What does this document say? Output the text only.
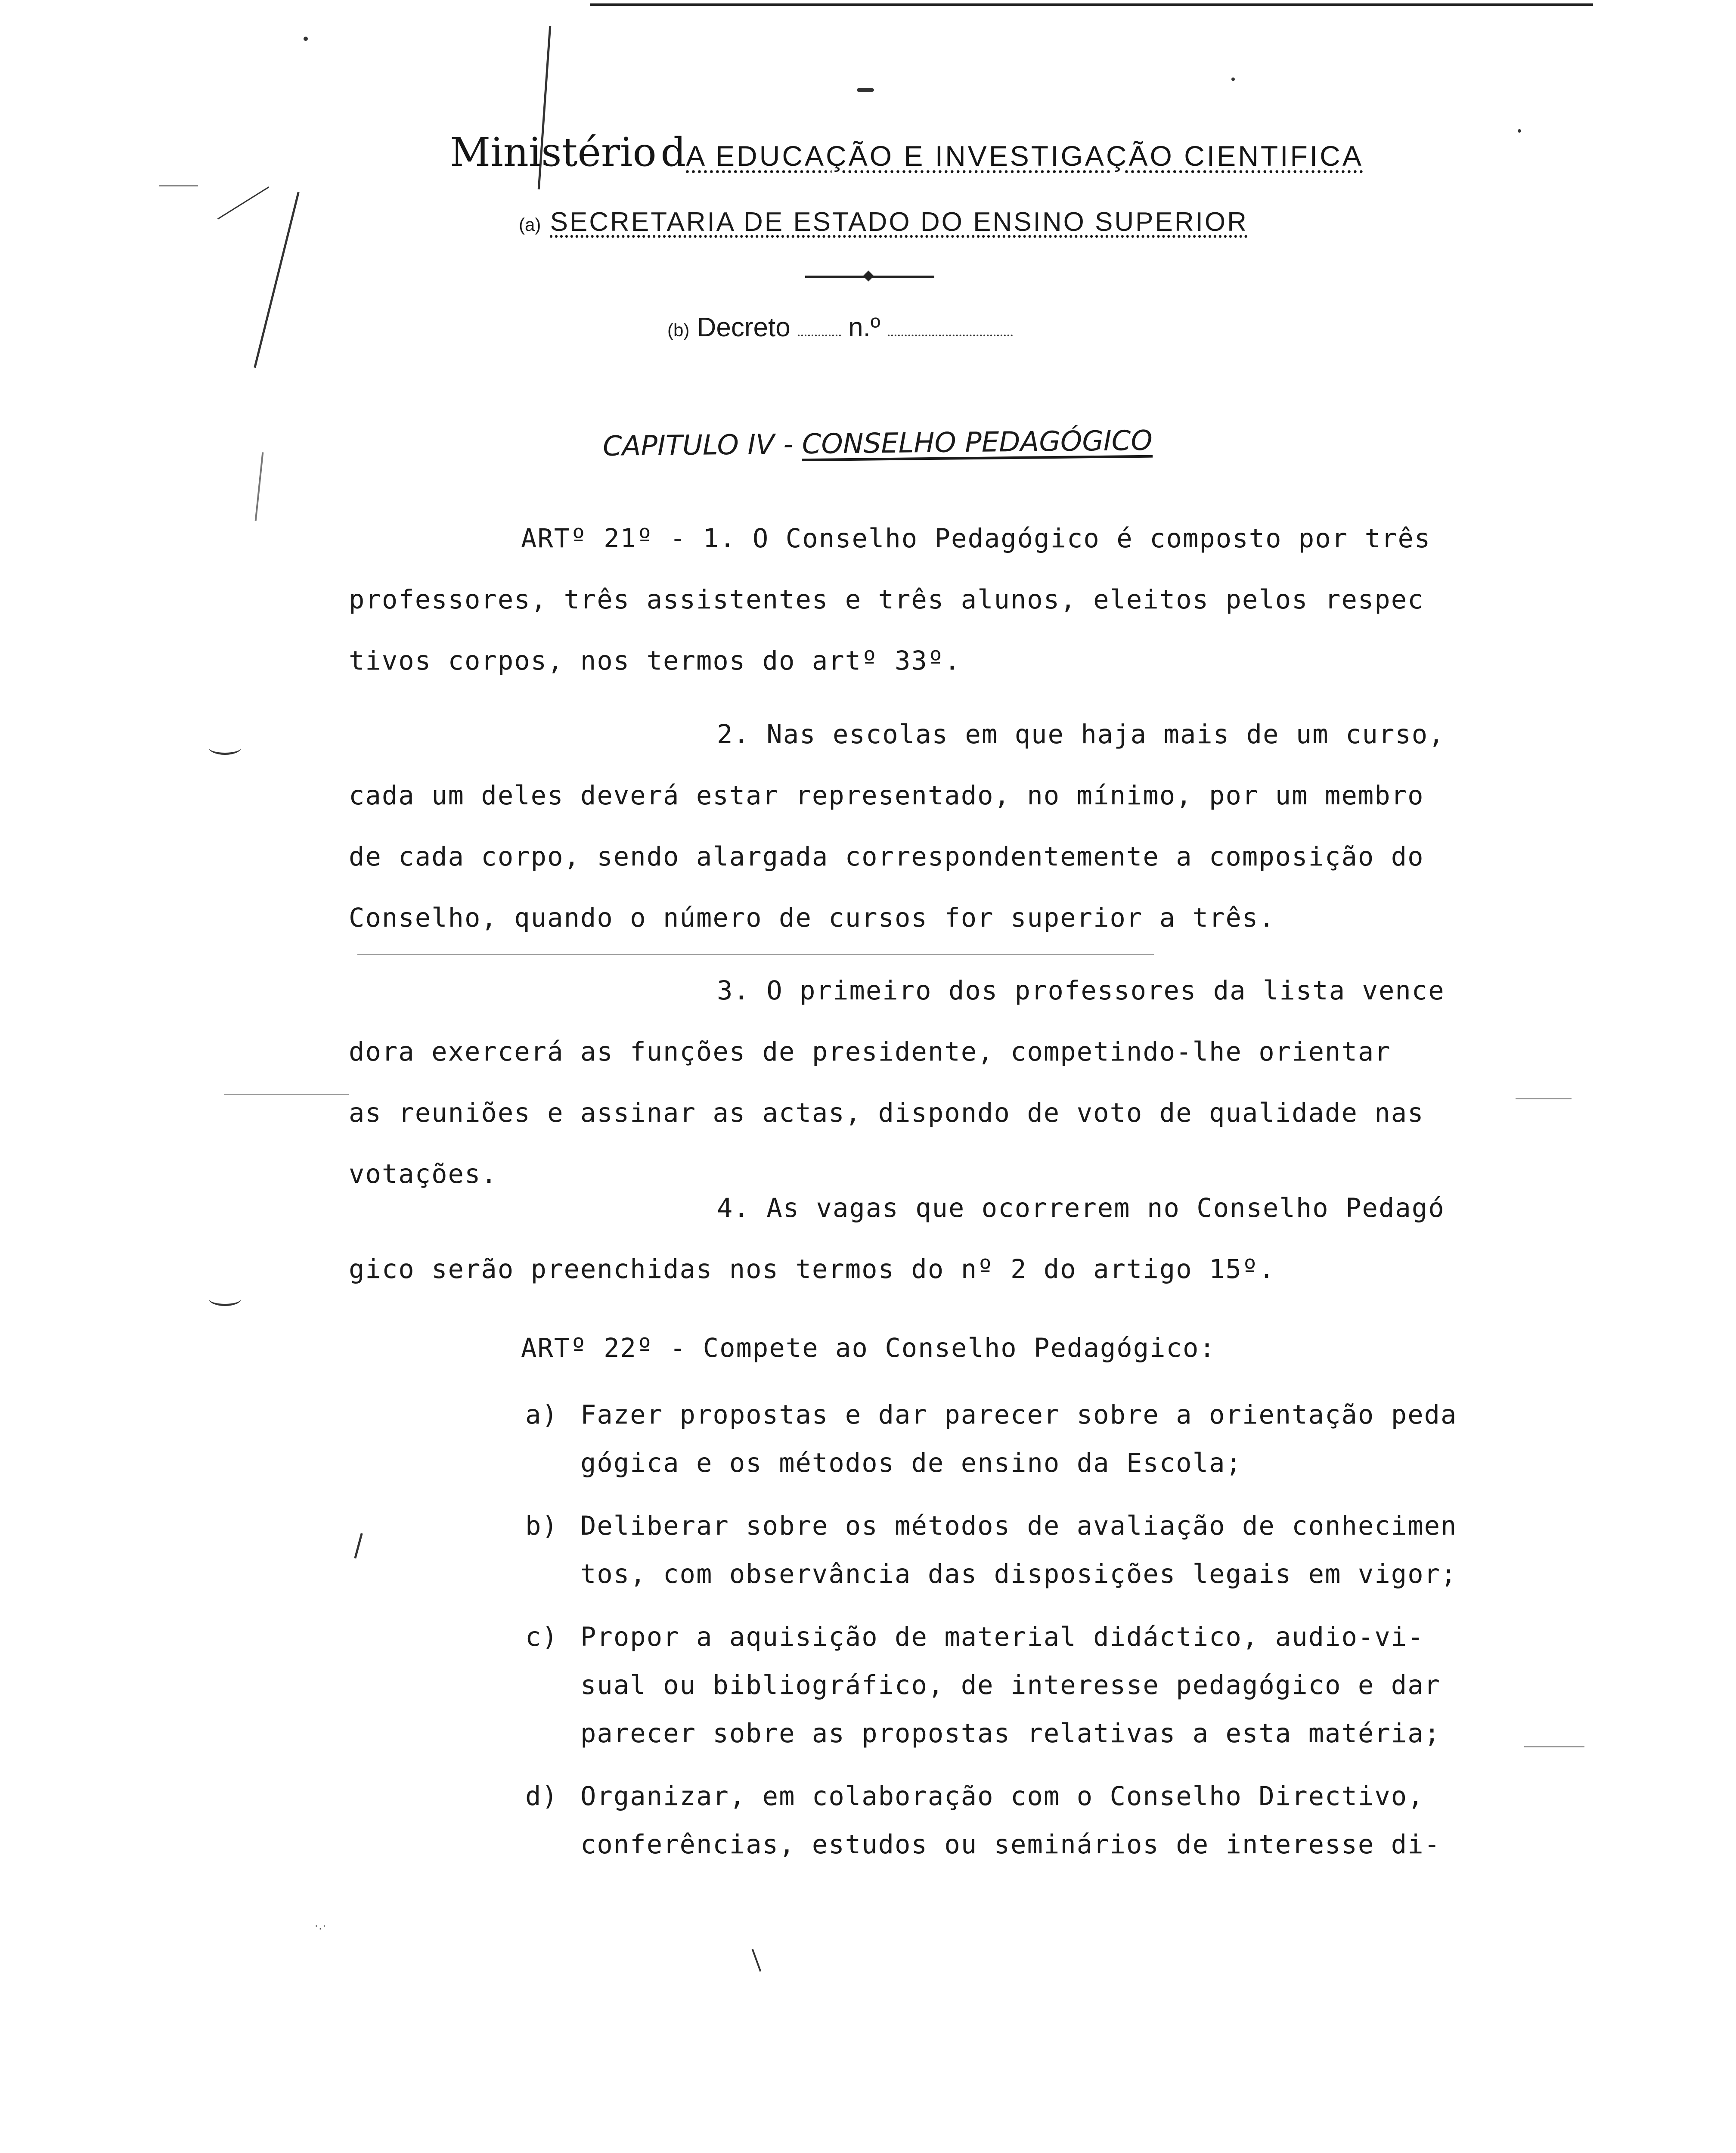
Ministério dA EDUCAÇÃO E INVESTIGAÇÃO CIENTIFICA
(a) SECRETARIA DE ESTADO DO ENSINO SUPERIOR
(b) Decreto n.º
CAPITULO IV - CONSELHO PEDAGÓGICO
ARTº 21º - 1. O Conselho Pedagógico é composto por três
professores, três assistentes e três alunos, eleitos pelos respec
tivos corpos, nos termos do artº 33º.
2. Nas escolas em que haja mais de um curso,
cada um deles deverá estar representado, no mínimo, por um membro
de cada corpo, sendo alargada correspondentemente a composição do
Conselho, quando o número de cursos for superior a três.
3. O primeiro dos professores da lista vence
dora exercerá as funções de presidente, competindo-lhe orientar
as reuniões e assinar as actas, dispondo de voto de qualidade nas
votações.
4. As vagas que ocorrerem no Conselho Pedagó
gico serão preenchidas nos termos do nº 2 do artigo 15º.
ARTº 22º - Compete ao Conselho Pedagógico:
a) Fazer propostas e dar parecer sobre a orientação peda
gógica e os métodos de ensino da Escola;
b) Deliberar sobre os métodos de avaliação de conhecimen
tos, com observância das disposições legais em vigor;
c) Propor a aquisição de material didáctico, audio-vi-
sual ou bibliográfico, de interesse pedagógico e dar
parecer sobre as propostas relativas a esta matéria;
d) Organizar, em colaboração com o Conselho Directivo,
conferências, estudos ou seminários de interesse di-
·.·
